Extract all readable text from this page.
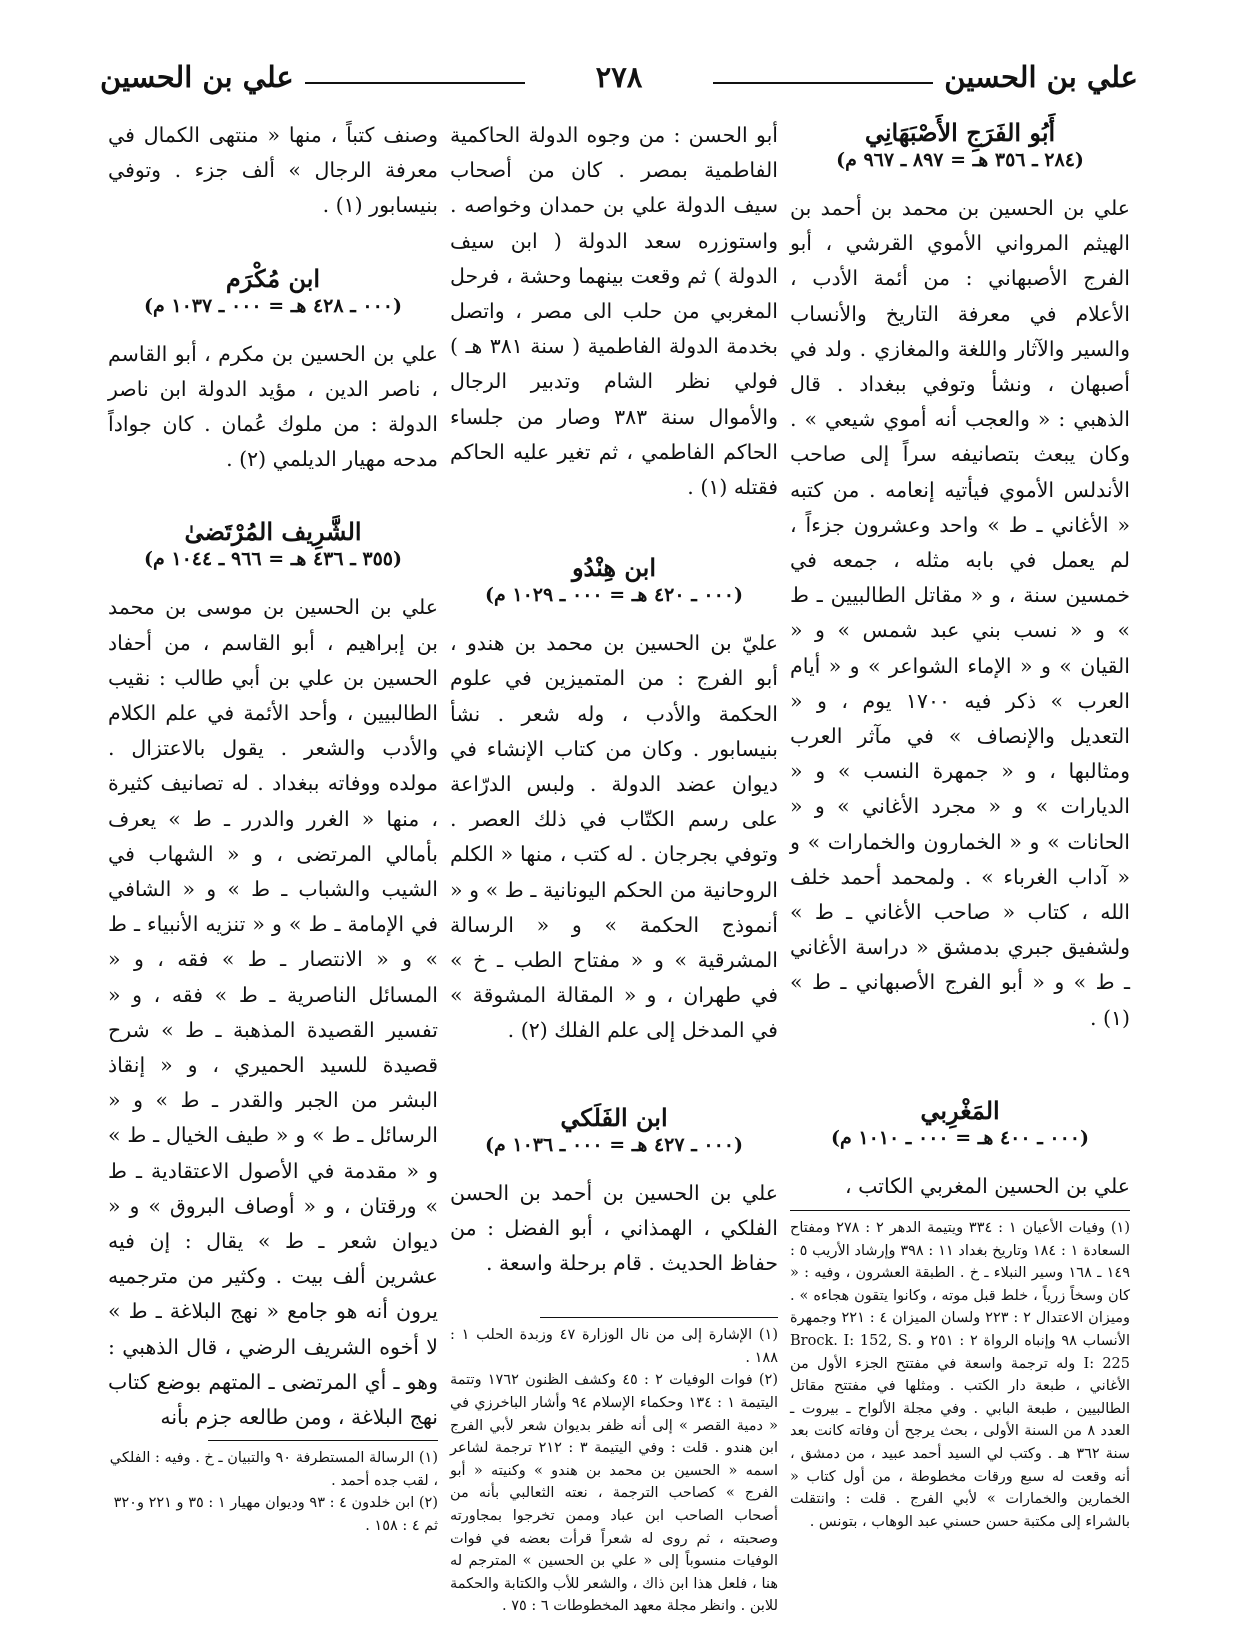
علي بن الحسين
٢٧٨
علي بن الحسين
أَبُو الفَرَجِ الأَصْبَهَانِي
(٢٨٤ ـ ٣٥٦ هـ = ٨٩٧ ـ ٩٦٧ م)

علي بن الحسين بن محمد بن أحمد بن الهيثم المرواني الأموي القرشي ، أبو الفرج الأصبهاني : من أئمة الأدب ، الأعلام في معرفة التاريخ والأنساب والسير والآثار واللغة والمغازي . ولد في أصبهان ، ونشأ وتوفي ببغداد . قال الذهبي : « والعجب أنه أموي شيعي » . وكان يبعث بتصانيفه سراً إلى صاحب الأندلس الأموي فيأتيه إنعامه . من كتبه « الأغاني ـ ط » واحد وعشرون جزءاً ، لم يعمل في بابه مثله ، جمعه في خمسين سنة ، و « مقاتل الطالبيين ـ ط » و « نسب بني عبد شمس » و « القيان » و « الإماء الشواعر » و « أيام العرب » ذكر فيه ١٧٠٠ يوم ، و « التعديل والإنصاف » في مآثر العرب ومثالبها ، و « جمهرة النسب » و « الديارات » و « مجرد الأغاني » و « الحانات » و « الخمارون والخمارات » و « آداب الغرباء » . ولمحمد أحمد خلف الله ، كتاب « صاحب الأغاني ـ ط » ولشفيق جبري بدمشق « دراسة الأغاني ـ ط » و « أبو الفرج الأصبهاني ـ ط » (١) .

المَغْرِبي
(٠٠٠ ـ ٤٠٠ هـ = ٠٠٠ ـ ١٠١٠ م)

علي بن الحسين المغربي الكاتب ،

(١) وفيات الأعيان ١ : ٣٣٤ ويتيمة الدهر ٢ : ٢٧٨ ومفتاح السعادة ١ : ١٨٤ وتاريخ بغداد ١١ : ٣٩٨ وإرشاد الأريب ٥ : ١٤٩ ـ ١٦٨ وسير النبلاء ـ خ . الطبقة العشرون ، وفيه : « كان وسخاً زرياً ، خلط قبل موته ، وكانوا يتقون هجاءه » . وميزان الاعتدال ٢ : ٢٢٣ ولسان الميزان ٤ : ٢٢١ وجمهرة الأنساب ٩٨ وإنباه الرواة ٢ : ٢٥١ و Brock. I: 152, S. I: 225 وله ترجمة واسعة في مفتتح الجزء الأول من الأغاني ، طبعة دار الكتب . ومثلها في مفتتح مقاتل الطالبيين ، طبعة البابي . وفي مجلة الألواح ـ بيروت ـ العدد ٨ من السنة الأولى ، بحث يرجح أن وفاته كانت بعد سنة ٣٦٢ هـ . وكتب لي السيد أحمد عبيد ، من دمشق ، أنه وقعت له سبع ورقات مخطوطة ، من أول كتاب « الخمارين والخمارات » لأبي الفرج . قلت : وانتقلت بالشراء إلى مكتبة حسن حسني عبد الوهاب ، بتونس .

أبو الحسن : من وجوه الدولة الحاكمية الفاطمية بمصر . كان من أصحاب سيف الدولة علي بن حمدان وخواصه . واستوزره سعد الدولة ( ابن سيف الدولة ) ثم وقعت بينهما وحشة ، فرحل المغربي من حلب الى مصر ، واتصل بخدمة الدولة الفاطمية ( سنة ٣٨١ هـ ) فولي نظر الشام وتدبير الرجال والأموال سنة ٣٨٣ وصار من جلساء الحاكم الفاطمي ، ثم تغير عليه الحاكم فقتله (١) .

ابن هِنْدُو
(٠٠٠ ـ ٤٢٠ هـ = ٠٠٠ ـ ١٠٢٩ م)

عليّ بن الحسين بن محمد بن هندو ، أبو الفرج : من المتميزين في علوم الحكمة والأدب ، وله شعر . نشأ بنيسابور . وكان من كتاب الإنشاء في ديوان عضد الدولة . ولبس الدرّاعة على رسم الكتّاب في ذلك العصر . وتوفي بجرجان . له كتب ، منها « الكلم الروحانية من الحكم اليونانية ـ ط » و « أنموذج الحكمة » و « الرسالة المشرقية » و « مفتاح الطب ـ خ » في طهران ، و « المقالة المشوقة » في المدخل إلى علم الفلك (٢) .

ابن الفَلَكي
(٠٠٠ ـ ٤٢٧ هـ = ٠٠٠ ـ ١٠٣٦ م)

علي بن الحسين بن أحمد بن الحسن الفلكي ، الهمذاني ، أبو الفضل : من حفاظ الحديث . قام برحلة واسعة .

(١) الإشارة إلى من نال الوزارة ٤٧ وزبدة الحلب ١ : ١٨٨ .

(٢) فوات الوفيات ٢ : ٤٥ وكشف الظنون ١٧٦٢ وتتمة اليتيمة ١ : ١٣٤ وحكماء الإسلام ٩٤ وأشار الباخرزي في « دمية القصر » إلى أنه ظفر بديوان شعر لأبي الفرج ابن هندو . قلت : وفي اليتيمة ٣ : ٢١٢ ترجمة لشاعر اسمه « الحسين بن محمد بن هندو » وكنيته « أبو الفرج » كصاحب الترجمة ، نعته الثعالبي بأنه من أصحاب الصاحب ابن عباد وممن تخرجوا بمجاورته وصحبته ، ثم روى له شعراً قرأت بعضه في فوات الوفيات منسوباً إلى « علي بن الحسين » المترجم له هنا ، فلعل هذا ابن ذاك ، والشعر للأب والكتابة والحكمة للابن . وانظر مجلة معهد المخطوطات ٦ : ٧٥ .

وصنف كتباً ، منها « منتهى الكمال في معرفة الرجال » ألف جزء . وتوفي بنيسابور (١) .

ابن مُكْرَم
(٠٠٠ ـ ٤٢٨ هـ = ٠٠٠ ـ ١٠٣٧ م)

علي بن الحسين بن مكرم ، أبو القاسم ، ناصر الدين ، مؤيد الدولة ابن ناصر الدولة : من ملوك عُمان . كان جواداً مدحه مهيار الديلمي (٢) .

الشَّرِيف المُرْتَضىٰ
(٣٥٥ ـ ٤٣٦ هـ = ٩٦٦ ـ ١٠٤٤ م)

علي بن الحسين بن موسى بن محمد بن إبراهيم ، أبو القاسم ، من أحفاد الحسين بن علي بن أبي طالب : نقيب الطالبيين ، وأحد الأئمة في علم الكلام والأدب والشعر . يقول بالاعتزال . مولده ووفاته ببغداد . له تصانيف كثيرة ، منها « الغرر والدرر ـ ط » يعرف بأمالي المرتضى ، و « الشهاب في الشيب والشباب ـ ط » و « الشافي في الإمامة ـ ط » و « تنزيه الأنبياء ـ ط » و « الانتصار ـ ط » فقه ، و « المسائل الناصرية ـ ط » فقه ، و « تفسير القصيدة المذهبة ـ ط » شرح قصيدة للسيد الحميري ، و « إنقاذ البشر من الجبر والقدر ـ ط » و « الرسائل ـ ط » و « طيف الخيال ـ ط » و « مقدمة في الأصول الاعتقادية ـ ط » ورقتان ، و « أوصاف البروق » و « ديوان شعر ـ ط » يقال : إن فيه عشرين ألف بيت . وكثير من مترجميه يرون أنه هو جامع « نهج البلاغة ـ ط » لا أخوه الشريف الرضي ، قال الذهبي : وهو ـ أي المرتضى ـ المتهم بوضع كتاب نهج البلاغة ، ومن طالعه جزم بأنه

(١) الرسالة المستطرفة ٩٠ والتبيان ـ خ . وفيه : الفلكي ، لقب جده أحمد .

(٢) ابن خلدون ٤ : ٩٣ وديوان مهيار ١ : ٣٥ و ٢٢١ و٣٢٠ ثم ٤ : ١٥٨ .
